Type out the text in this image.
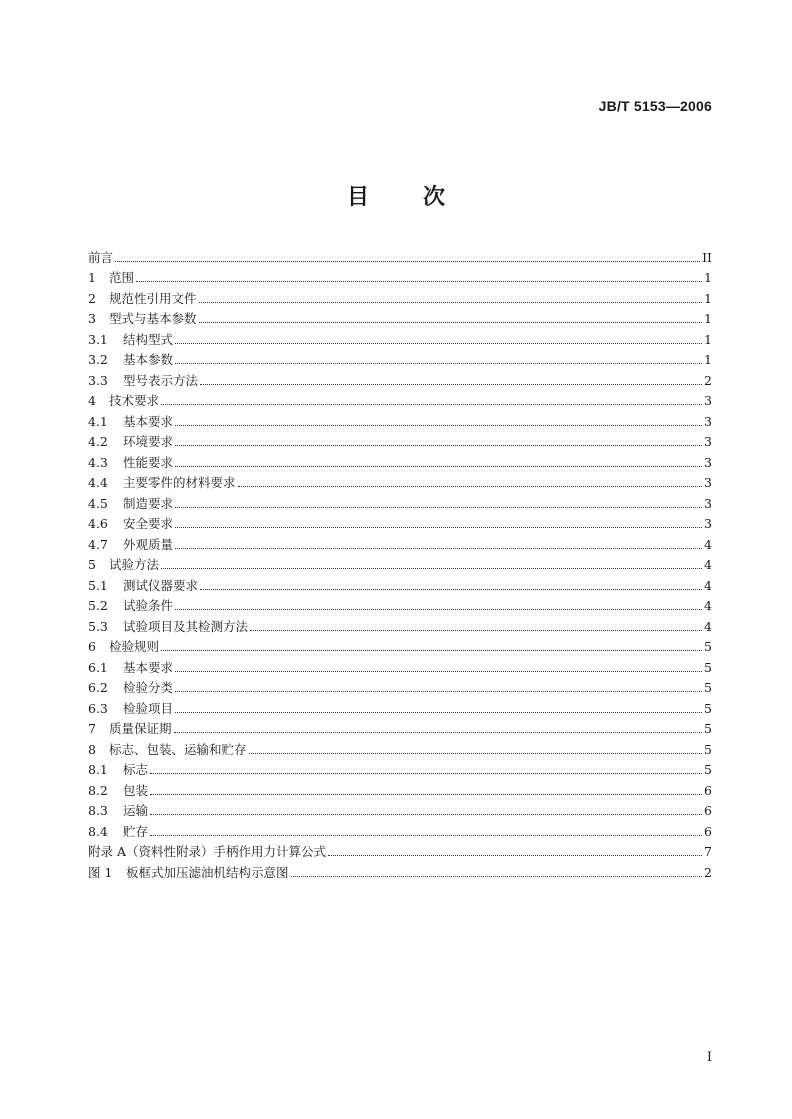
JB/T 5153—2006
目 次
前言	II
1	范围	1
2	规范性引用文件	1
3	型式与基本参数	1
3.1	结构型式	1
3.2	基本参数	1
3.3	型号表示方法	2
4	技术要求	3
4.1	基本要求	3
4.2	环境要求	3
4.3	性能要求	3
4.4	主要零件的材料要求	3
4.5	制造要求	3
4.6	安全要求	3
4.7	外观质量	4
5	试验方法	4
5.1	测试仪器要求	4
5.2	试验条件	4
5.3	试验项目及其检测方法	4
6	检验规则	5
6.1	基本要求	5
6.2	检验分类	5
6.3	检验项目	5
7	质量保证期	5
8	标志、包装、运输和贮存	5
8.1	标志	5
8.2	包装	6
8.3	运输	6
8.4	贮存	6
附录 A（资料性附录）手柄作用力计算公式	7
图 1	板框式加压滤油机结构示意图	2
I
